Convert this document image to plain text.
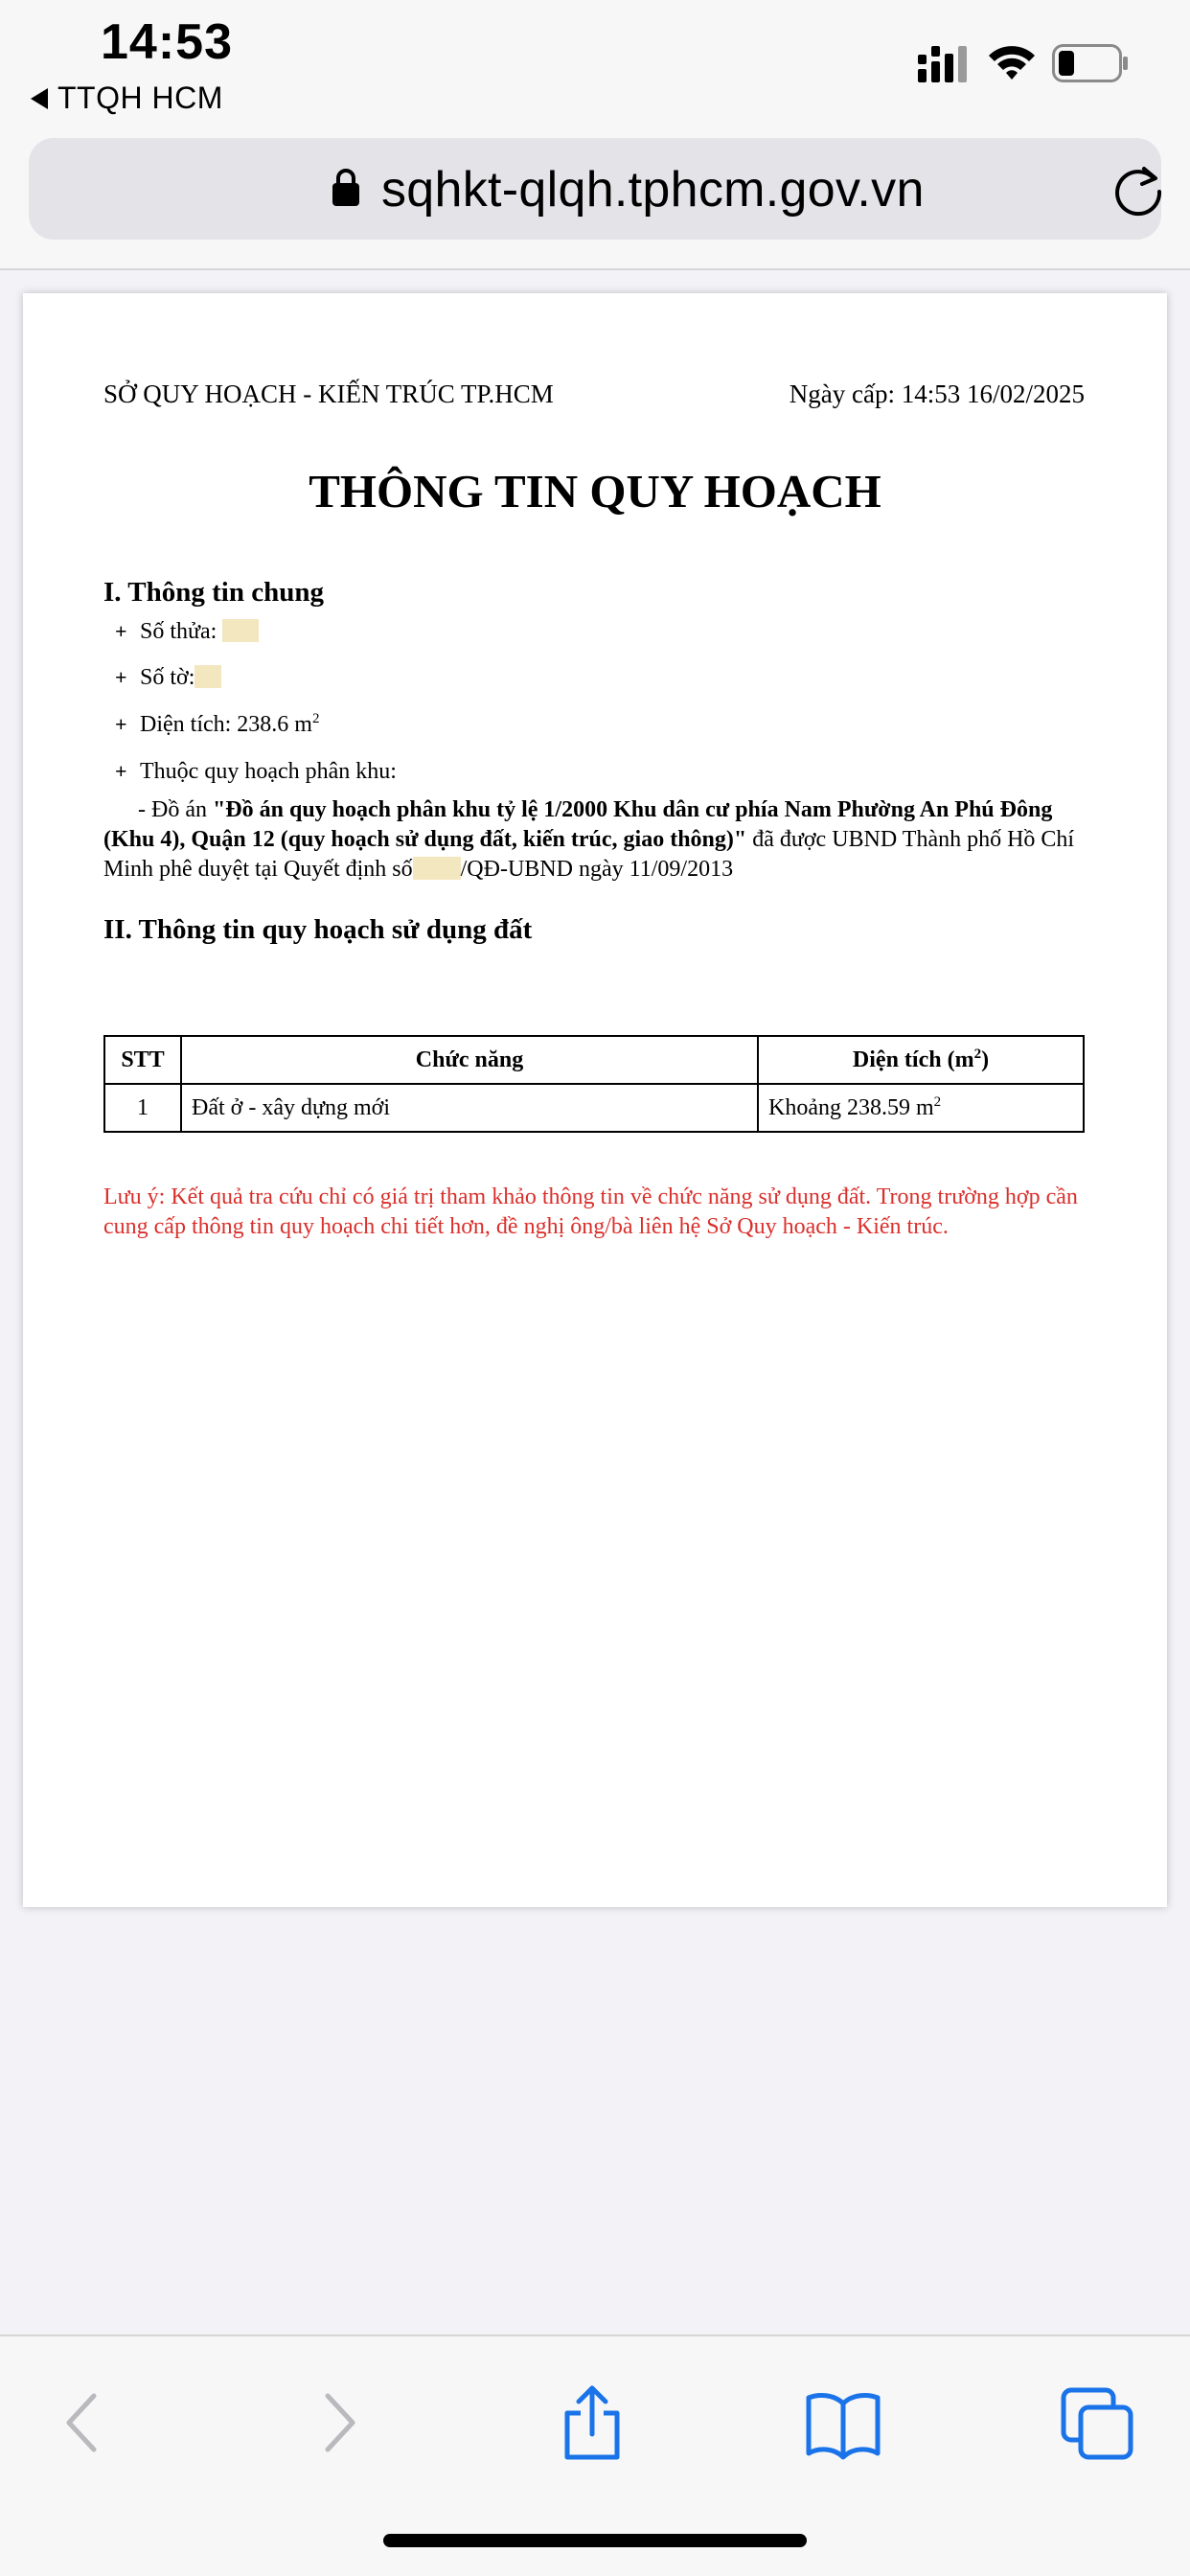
14:53
TTQH HCM
sqhkt-qlqh.tphcm.gov.vn
SỞ QUY HOẠCH - KIẾN TRÚC TP.HCM	Ngày cấp: 14:53 16/02/2025
THÔNG TIN QUY HOẠCH
I. Thông tin chung
+ Số thửa:
+ Số tờ:
+ Diện tích: 238.6 $m^2$
+ Thuộc quy hoạch phân khu:
- Đồ án "Đồ án quy hoạch phân khu tỷ lệ 1/2000 Khu dân cư phía Nam Phường An Phú Đông (Khu 4), Quận 12 (quy hoạch sử dụng đất, kiến trúc, giao thông)" đã được UBND Thành phố Hồ Chí Minh phê duyệt tại Quyết định số /QĐ-UBND ngày 11/09/2013
II. Thông tin quy hoạch sử dụng đất
STT	Chức năng	Diện tích $(m^2)$
1	Đất ở - xây dựng mới	Khoảng 238.59 $m^2$
Lưu ý: Kết quả tra cứu chỉ có giá trị tham khảo thông tin về chức năng sử dụng đất. Trong trường hợp cần cung cấp thông tin quy hoạch chi tiết hơn, đề nghị ông/bà liên hệ Sở Quy hoạch - Kiến trúc.
